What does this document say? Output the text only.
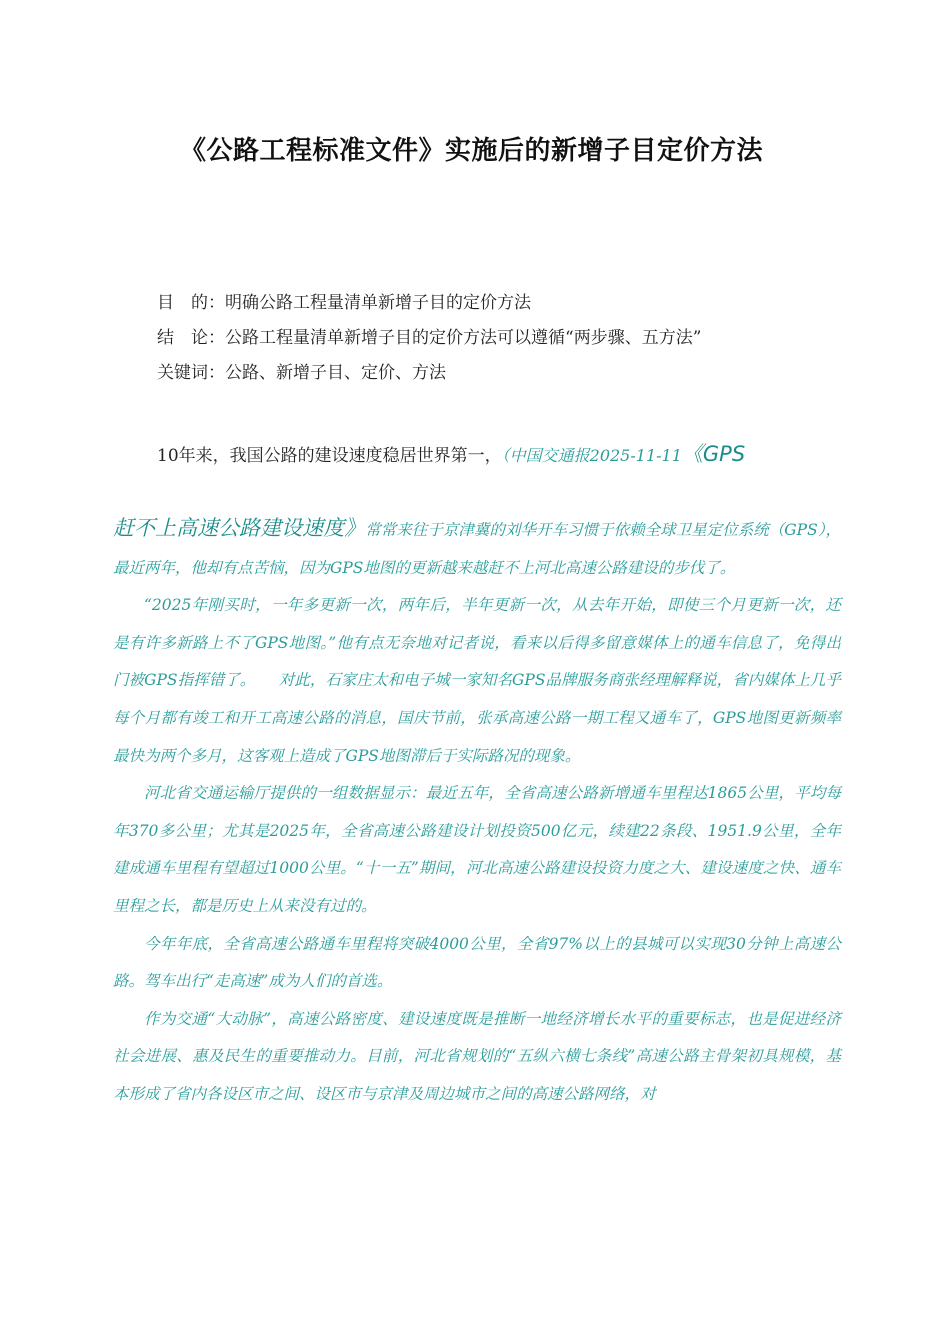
《公路工程标准文件》实施后的新增子目定价方法
目　的：明确公路工程量清单新增子目的定价方法
结　论：公路工程量清单新增子目的定价方法可以遵循“两步骤、五方法”
关键词：公路、新增子目、定价、方法
10年来，我国公路的建设速度稳居世界第一，（中国交通报2025-11-11《GPS

赶不上高速公路建设速度》常常来往于京津冀的刘华开车习惯于依赖全球卫星定位系统（GPS），最近两年，他却有点苦恼，因为GPS地图的更新越来越赶不上河北高速公路建设的步伐了。

“2025年刚买时，一年多更新一次，两年后，半年更新一次，从去年开始，即使三个月更新一次，还是有许多新路上不了GPS地图。”他有点无奈地对记者说，看来以后得多留意媒体上的通车信息了，免得出门被GPS指挥错了。　　对此，石家庄太和电子城一家知名GPS品牌服务商张经理解释说，省内媒体上几乎每个月都有竣工和开工高速公路的消息，国庆节前，张承高速公路一期工程又通车了，GPS地图更新频率最快为两个多月，这客观上造成了GPS地图滞后于实际路况的现象。

河北省交通运输厅提供的一组数据显示：最近五年，全省高速公路新增通车里程达1865公里，平均每年370多公里；尤其是2025年，全省高速公路建设计划投资500亿元，续建22条段、1951.9公里，全年建成通车里程有望超过1000公里。“十一五”期间，河北高速公路建设投资力度之大、建设速度之快、通车里程之长，都是历史上从来没有过的。

今年年底，全省高速公路通车里程将突破4000公里，全省97%以上的县城可以实现30分钟上高速公路。驾车出行“走高速”成为人们的首选。

作为交通“大动脉”，高速公路密度、建设速度既是推断一地经济增长水平的重要标志，也是促进经济社会进展、惠及民生的重要推动力。目前，河北省规划的“五纵六横七条线”高速公路主骨架初具规模，基本形成了省内各设区市之间、设区市与京津及周边城市之间的高速公路网络，对
